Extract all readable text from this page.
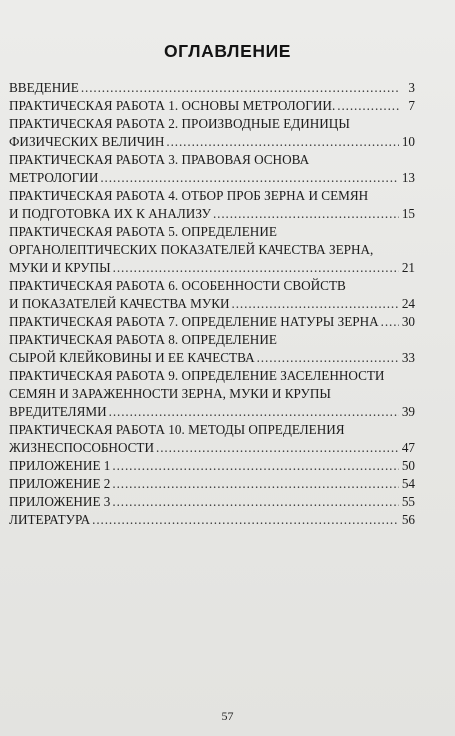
ОГЛАВЛЕНИЕ
ВВЕДЕНИЕ . . .	3
ПРАКТИЧЕСКАЯ РАБОТА 1. ОСНОВЫ МЕТРОЛОГИИ. . . .	7
ПРАКТИЧЕСКАЯ РАБОТА 2. ПРОИЗВОДНЫЕ ЕДИНИЦЫ
ФИЗИЧЕСКИХ ВЕЛИЧИН . . .	10
ПРАКТИЧЕСКАЯ РАБОТА 3. ПРАВОВАЯ ОСНОВА
МЕТРОЛОГИИ . . .	13
ПРАКТИЧЕСКАЯ РАБОТА 4. ОТБОР ПРОБ ЗЕРНА И СЕМЯН
И ПОДГОТОВКА ИХ К АНАЛИЗУ . . .	15
ПРАКТИЧЕСКАЯ РАБОТА 5. ОПРЕДЕЛЕНИЕ
ОРГАНОЛЕПТИЧЕСКИХ ПОКАЗАТЕЛЕЙ КАЧЕСТВА ЗЕРНА,
МУКИ И КРУПЫ . . .	21
ПРАКТИЧЕСКАЯ РАБОТА 6. ОСОБЕННОСТИ СВОЙСТВ
И ПОКАЗАТЕЛЕЙ КАЧЕСТВА МУКИ . . .	24
ПРАКТИЧЕСКАЯ РАБОТА 7. ОПРЕДЕЛЕНИЕ НАТУРЫ ЗЕРНА . . . 30
ПРАКТИЧЕСКАЯ РАБОТА 8. ОПРЕДЕЛЕНИЕ
СЫРОЙ КЛЕЙКОВИНЫ И ЕЕ КАЧЕСТВА . . .	33
ПРАКТИЧЕСКАЯ РАБОТА 9. ОПРЕДЕЛЕНИЕ ЗАСЕЛЕННОСТИ
СЕМЯН И ЗАРАЖЕННОСТИ ЗЕРНА, МУКИ И КРУПЫ
ВРЕДИТЕЛЯМИ . . .	39
ПРАКТИЧЕСКАЯ РАБОТА 10. МЕТОДЫ ОПРЕДЕЛЕНИЯ
ЖИЗНЕСПОСОБНОСТИ . . .	47
ПРИЛОЖЕНИЕ 1 . . .	50
ПРИЛОЖЕНИЕ 2 . . .	54
ПРИЛОЖЕНИЕ 3 . . .	55
ЛИТЕРАТУРА . . .	56
57
